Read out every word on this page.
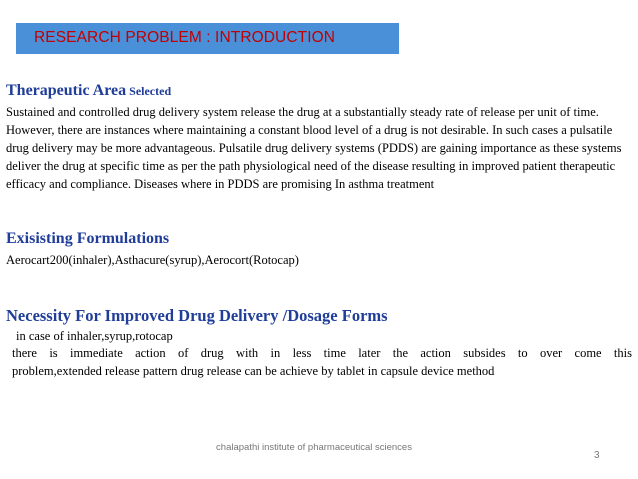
RESEARCH PROBLEM : INTRODUCTION
Therapeutic Area Selected

Sustained and controlled drug delivery system release the drug at a substantially steady rate of release per unit of time. However, there are instances where maintaining a constant blood level of a drug is not desirable. In such cases a pulsatile drug delivery may be more advantageous. Pulsatile drug delivery systems (PDDS) are gaining importance as these systems deliver the drug at specific time as per the path physiological need of the disease resulting in improved patient therapeutic efficacy and compliance. Diseases where in PDDS are promising In asthma treatment

Exisisting Formulations

Aerocart200(inhaler),Asthacure(syrup),Aerocort(Rotocap)

Necessity For Improved Drug Delivery /Dosage Forms
in case of inhaler,syrup,rotocap
there is immediate action of drug with in less time later the action subsides to over come this
problem,extended release pattern drug release can be achieve by tablet in capsule device method
chalapathi institute of pharmaceutical sciences
3
